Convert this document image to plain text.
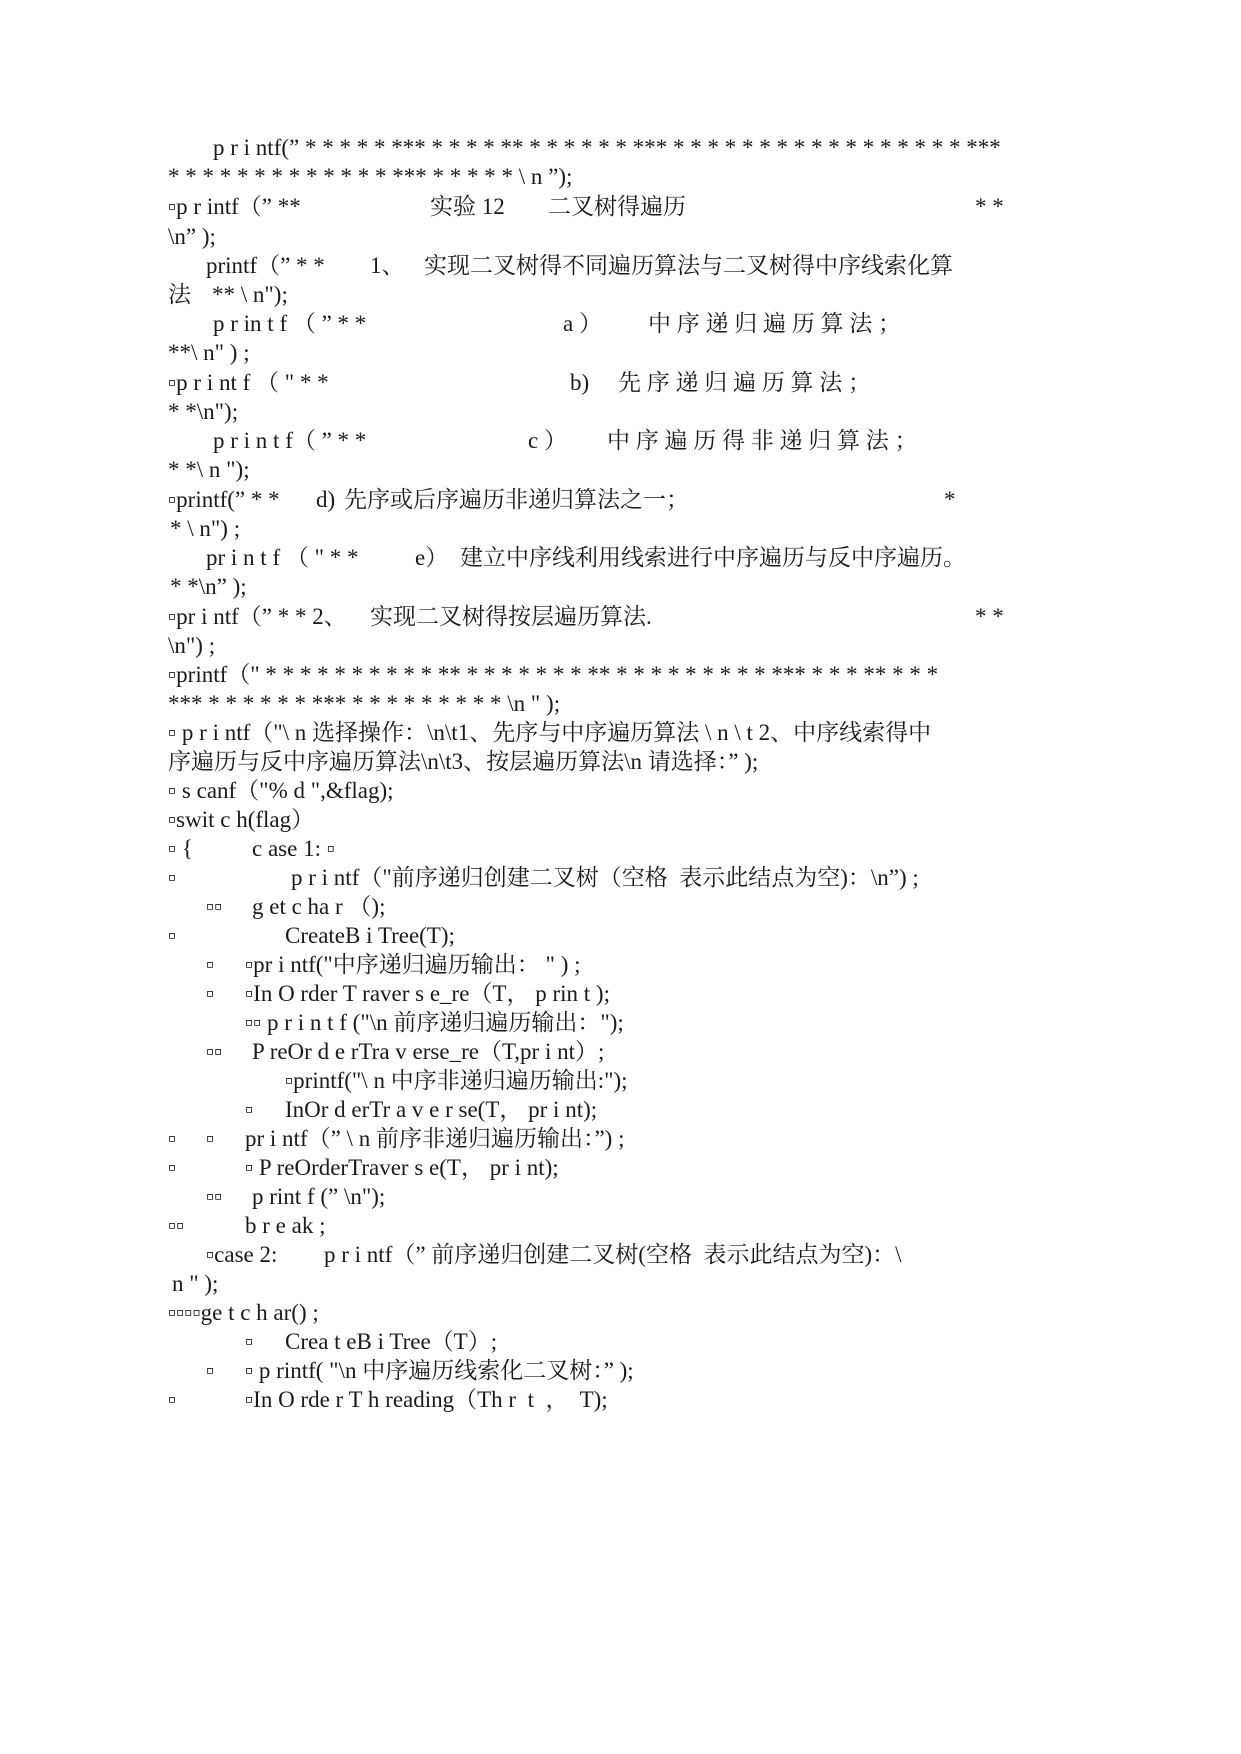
p r i ntf(” * * * * * *** * * * * ** * * * * * * *** * * * * * * * * * * * * * * * * * ***
* * * * * * * * * * * * * *** * * * * * \ n ”);
▫p r intf（” **	实验 12 二叉树得遍历	* *
\n” );
printf（” * * 1、 实现二叉树得不同遍历算法与二叉树得中序线索化算
法 ** \ n");
p r in t f （ ” * *	a ） 中 序 递 归 遍 历 算 法 ；
**\ n" ) ;
▫p r i nt f （ " * *	b) 先 序 递 归 遍 历 算 法 ；
* *\n");
p r i n t f（ ” * *	c ） 中 序 遍 历 得 非 递 归 算 法 ；
* *\ n ");
▫printf(” * * d) 先序或后序遍历非递归算法之一；	*
* \ n") ;
pr i n t f （ " * * e） 建立中序线利用线索进行中序遍历与反中序遍历。
* *\n” );
▫pr i ntf（” * * 2、 实现二叉树得按层遍历算法.	* *
\n") ;
▫printf（" * * * * * * * * * * ** * * * * * * * ** * * * * * * * * * *** * * * ** * * *
*** * * * * * * *** * * * * * * * * * \n " );
▫ p r i ntf（"\ n 选择操作：\n\t1、先序与中序遍历算法 \ n \ t 2、中序线索得中
序遍历与反中序遍历算法\n\t3、按层遍历算法\n 请选择：” );
▫ s canf（"% d ",&flag);
▫swit c h(flag）
▫ {	c ase 1: ▫
▫	p r i ntf（"前序递归创建二叉树（空格  表示此结点为空)：\n”) ;
▫▫ g et c ha r （);
▫	CreateB i Tree(T);
▫ ▫pr i ntf("中序递归遍历输出： " ) ;
▫ ▫In O rder T raver s e_re（T， p rin t );
▫▫ p r i n t f ("\n 前序递归遍历输出：");
▫▫ P reOr d e rTra v erse_re（T,pr i nt）;
▫printf("\ n 中序非递归遍历输出:");
▫ InOr d erTr a v e r se(T， pr i nt);
▫ ▫ pr i ntf（” \ n 前序非递归遍历输出：”) ;
▫	▫ P reOrderTraver s e(T， pr i nt);
▫▫ p rint f (” \n");
▫▫	b r e ak ;
▫case 2: p r i ntf（” 前序递归创建二叉树(空格  表示此结点为空)：\
n " );
▫▫▫▫ge t c h ar() ;
▫ Crea t eB i Tree（T）;
▫ ▫ p rintf( "\n 中序遍历线索化二叉树：” );
▫	▫In O rde r T h reading（Th r  t  ，  T);
